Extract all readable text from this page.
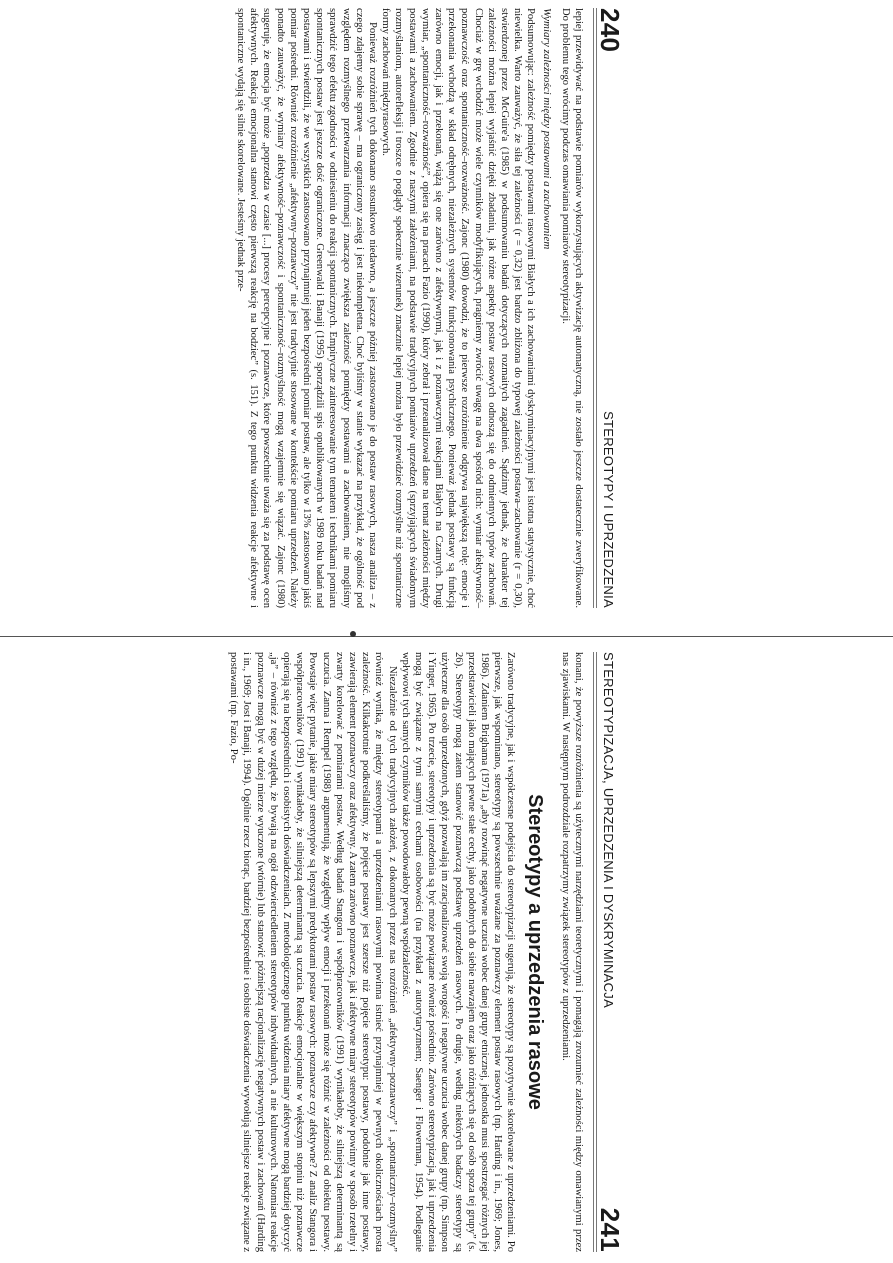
240
STEREOTYPY I UPRZEDZENIA

lepiej przewidywać na podstawie pomiarów wykorzystujących aktywizację automatyczną, nie zostało jeszcze dostatecznie zweryfikowane. Do problemu tego wrócimy podczas omawiania pomiarów stereotypizacji.

Wymiary zależności między postawami a zachowaniem

Podsumowując: zależność pomiędzy postawami rasowymi Białych a ich zachowaniami dyskryminacyjnymi jest istotna statystycznie, choć niewielka. Warto zauważyć, że siła tej zależności (r = 0,32) jest bardzo zbliżona do typowej zależności postawa–zachowanie (r = 0,30), stwierdzonej przez McGuire'a (1985) w podsumowaniu badań dotyczących rozmaitych zagadnień. Sądzimy jednak, że charakter tej zależności można lepiej wyjaśnić dzięki zbadaniu, jak różne aspekty postaw rasowych odnoszą się do odmiennych typów zachowań. Chociaż w grę wchodzić może wiele czynników modyfikujących, pragniemy zwrócić uwagę na dwa spośród nich: wymiar afektywność–poznawczość oraz spontaniczność–rozważność. Zajonc (1980) dowodzi, że to pierwsze rozróżnienie odgrywa największą rolę: emocje i przekonania wchodzą w skład odrębnych, niezależnych systemów funkcjonowania psychicznego. Ponieważ jednak postawy są funkcją zarówno emocji, jak i przekonań, wiążą się one zarówno z afektywnymi, jak i z poznawczymi reakcjami Białych na Czarnych. Drugi wymiar, „spontaniczność–rozważność”, opiera się na pracach Fazio (1990), który zebrał i przeanalizował dane na temat zależności między postawami a zachowaniem. Zgodnie z naszymi założeniami, na podstawie tradycyjnych pomiarów uprzedzeń (sprzyjających świadomym rozmyślaniom, autorefleksji i troszce o poglądy społecznie wizerunek) znacznie lepiej można było przewidzieć rozmyślne niż spontaniczne formy zachowań międzyrasowych.

Ponieważ rozróżnień tych dokonano stosunkowo niedawno, a jeszcze później zastosowano je do postaw rasowych, nasza analiza – z czego zdajemy sobie sprawę – ma ograniczony zasięg i jest niekompletna. Choć byliśmy w stanie wykazać na przykład, że ogólność pod względem rozmyślnego przetwarzania informacji znacząco zwiększa zależność pomiędzy postawami a zachowaniem, nie mogliśmy sprawdzić tego efektu zgodności w odniesieniu do reakcji spontanicznych. Empiryczne zainteresowanie tym tematem i technikami pomiaru spontanicznych postaw jest jeszcze dość ograniczone. Greenwald i Banaji (1995) sporządzili spis opublikowanych w 1989 roku badań nad postawami i stwierdzili, że we wszystkich zastosowano przynajmniej jeden bezpośredni pomiar postaw, ale tylko w 13% zastosowano jakiś pomiar pośredni. Również rozróżnienie „afektywny–poznawczy” nie jest tradycyjnie stosowane w kontekście pomiaru uprzedzeń. Należy ponadto zauważyć, że wymiary afektywność–poznawczość i spontaniczność–rozmyślność mogą wzajemnie się wiązać. Zajonc (1980) sugeruje, że emocja być może „poprzedza w czasie [...] procesy percepcyjne i poznawcze, które powszechnie uważa się za podstawę ocen afektywnych. Reakcja emocjonalna stanowi często pierwszą reakcję na bodziec” (s. 151). Z tego punktu widzenia reakcje afektywne i spontaniczne wydają się silnie skorelowane. Jesteśmy jednak prze-

STEREOTYPIZACJA, UPRZEDZENIA I DYSKRYMINACJA
241

konani, że powyższe rozróżnienia są użytecznymi narzędziami teoretycznymi i pomagają zrozumieć zależności między omawianymi przez nas zjawiskami. W następnym podrozdziale rozpatrzymy związek stereotypów z uprzedzeniami.

Stereotypy a uprzedzenia rasowe

Zarówno tradycyjne, jak i współczesne podejścia do stereotypizacji sugerują, że stereotypy są pozytywnie skorelowane z uprzedzeniami. Po pierwsze, jak wspominano, stereotypy są powszechnie uważane za poznawczy element postaw rasowych (np. Harding i in., 1969; Jones, 1986). Zdaniem Brighama (1971a) „aby rozwinąć negatywne uczucia wobec danej grupy etnicznej, jednostka musi spostrzegać różnych jej przedstawicieli jako mających pewne stałe cechy, jako podobnych do siebie nawzajem oraz jako różniących się od osób spoza tej grupy” (s. 26). Stereotypy mogą zatem stanowić poznawczą podstawę uprzedzeń rasowych. Po drugie, według niektórych badaczy stereotypy są użyteczne dla osób uprzedzonych, gdyż pozwalają im zracjonalizować swoją wrogość i negatywne uczucia wobec danej grupy (np. Simpson i Yinger, 1965). Po trzecie, stereotypy i uprzedzenia są być może powiązane również pośrednio. Zarówno stereotypizacja, jak i uprzedzenia mogą być związane z tymi samymi cechami osobowości (na przykład z autorytaryzmem; Saenger i Flowerman, 1954). Podleganie wpływowi tych samych czynników także powodowałoby pewną współzależność.

Niezależnie od tych tradycyjnych założeń, z dokonanych przez nas rozróżnień „afektywny–poznawczy” i „spontaniczny–rozmyślny” również wynika, że między stereotypami a uprzedzeniami rasowymi powinna istnieć przynajmniej w pewnych okolicznościach prosta zależność. Kilkakrotnie podkreślaliśmy, że pojęcie postawy jest szersze niż pojęcie stereotypu: postawy, podobnie jak inne postawy, zawierają element poznawczy oraz afektywny. A zatem zarówno poznawcze, jak i afektywne miary stereotypów powinny w sposób rzetelny i zwarty korelować z pomiarami postaw. Według badań Stangora i współpracowników (1991) wynikałoby, że silniejszą determinantą są uczucia. Zanna i Rempel (1988) argumentują, że względny wpływ emocji i przekonań może się różnić w zależności od obiektu postawy. Powstaje więc pytanie, jakie miary stereotypów są lepszymi predyktorami postaw rasowych: poznawcze czy afektywne? Z analiz Stangora i współpracowników (1991) wynikałoby, że silniejszą determinantą są uczucia. Reakcje emocjonalne w większym stopniu niż poznawcze opierają się na bezpośrednich i osobistych doświadczeniach. Z metodologicznego punktu widzenia miary afektywne mogą bardziej dotyczyć „ja” – również z tego względu, że bywają na ogół odzwierciedleniem stereotypów indywidualnych, a nie kulturowych. Natomiast reakcje poznawcze mogą być w dużej mierze wyuczone (wtórnie) lub stanowić późniejszą racjonalizację negatywnych postaw i zachowań (Harding i in., 1969; Jost i Banaji, 1994). Ogólnie rzecz biorąc, bardziej bezpośrednie i osobiste doświadczenia wywołują silniejsze reakcje związane z postawami (np. Fazio, Po-
